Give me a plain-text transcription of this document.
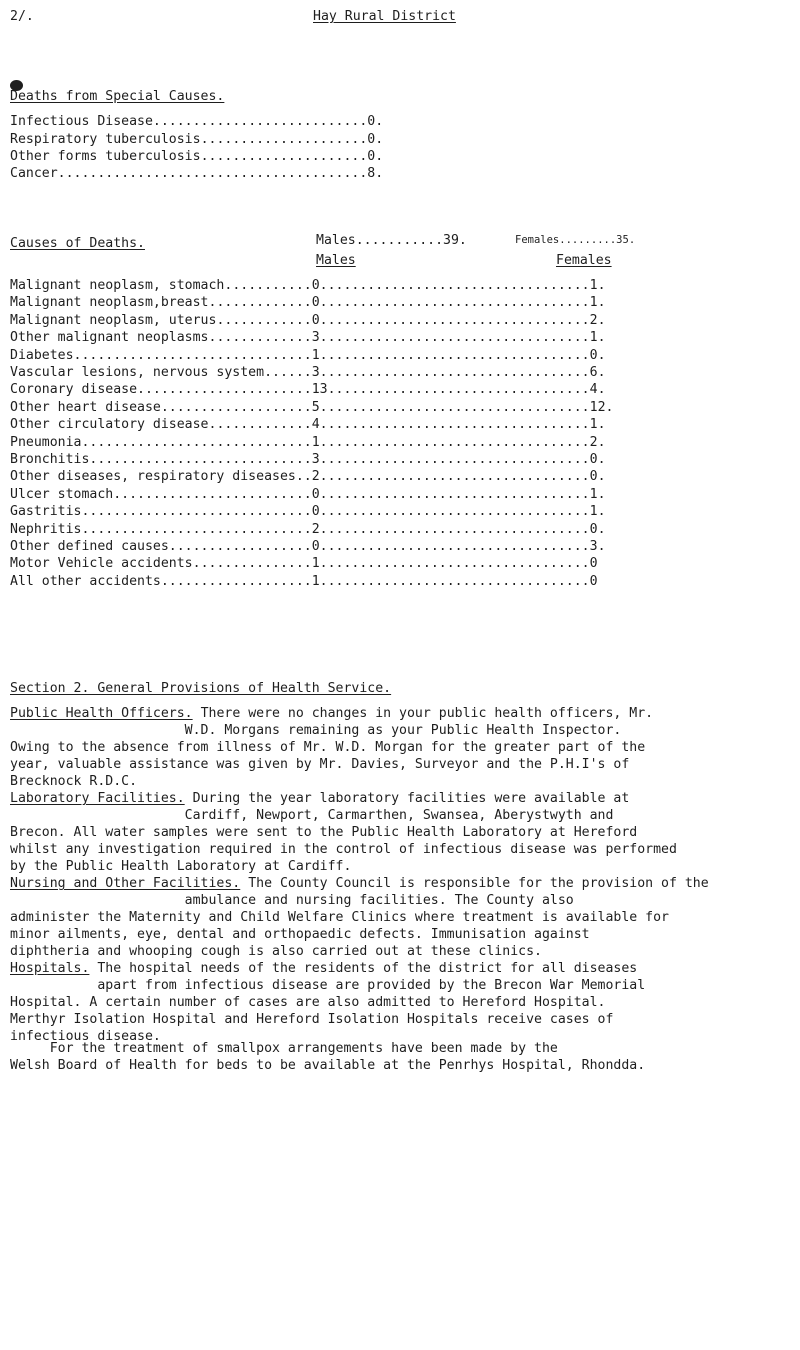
2/.	Hay Rural District
Deaths from Special Causes.
Infectious Disease...........................0.
Respiratory tuberculosis.....................0.
Other forms tuberculosis.....................0.
Cancer.......................................8.
Causes of Deaths.	Males...........39.	Females.........35.
Males	Females
Malignant neoplasm, stomach...........0..................................1.
Malignant neoplasm,breast.............0..................................1.
Malignant neoplasm, uterus............0..................................2.
Other malignant neoplasms.............3..................................1.
Diabetes..............................1..................................0.
Vascular lesions, nervous system......3..................................6.
Coronary disease......................13.................................4.
Other heart disease...................5..................................12.
Other circulatory disease.............4..................................1.
Pneumonia.............................1..................................2.
Bronchitis............................3..................................0.
Other diseases, respiratory diseases..2..................................0.
Ulcer stomach.........................0..................................1.
Gastritis.............................0..................................1.
Nephritis.............................2..................................0.
Other defined causes..................0..................................3.
Motor Vehicle accidents...............1..................................0
All other accidents...................1..................................0
Section 2. General Provisions of Health Service.
Public Health Officers. There were no changes in your public health officers, Mr.
W.D. Morgans remaining as your Public Health Inspector.
Owing to the absence from illness of Mr. W.D. Morgan for the greater part of the
year, valuable assistance was given by Mr. Davies, Surveyor and the P.H.I's of
Brecknock R.D.C.
Laboratory Facilities. During the year laboratory facilities were available at
Cardiff, Newport, Carmarthen, Swansea, Aberystwyth and
Brecon. All water samples were sent to the Public Health Laboratory at Hereford
whilst any investigation required in the control of infectious disease was performed
by the Public Health Laboratory at Cardiff.
Nursing and Other Facilities. The County Council is responsible for the provision of the
ambulance and nursing facilities. The County also
administer the Maternity and Child Welfare Clinics where treatment is available for
minor ailments, eye, dental and orthopaedic defects. Immunisation against
diphtheria and whooping cough is also carried out at these clinics.
Hospitals. The hospital needs of the residents of the district for all diseases
apart from infectious disease are provided by the Brecon War Memorial
Hospital. A certain number of cases are also admitted to Hereford Hospital.
Merthyr Isolation Hospital and Hereford Isolation Hospitals receive cases of
infectious disease.
For the treatment of smallpox arrangements have been made by the
Welsh Board of Health for beds to be available at the Penrhys Hospital, Rhondda.
